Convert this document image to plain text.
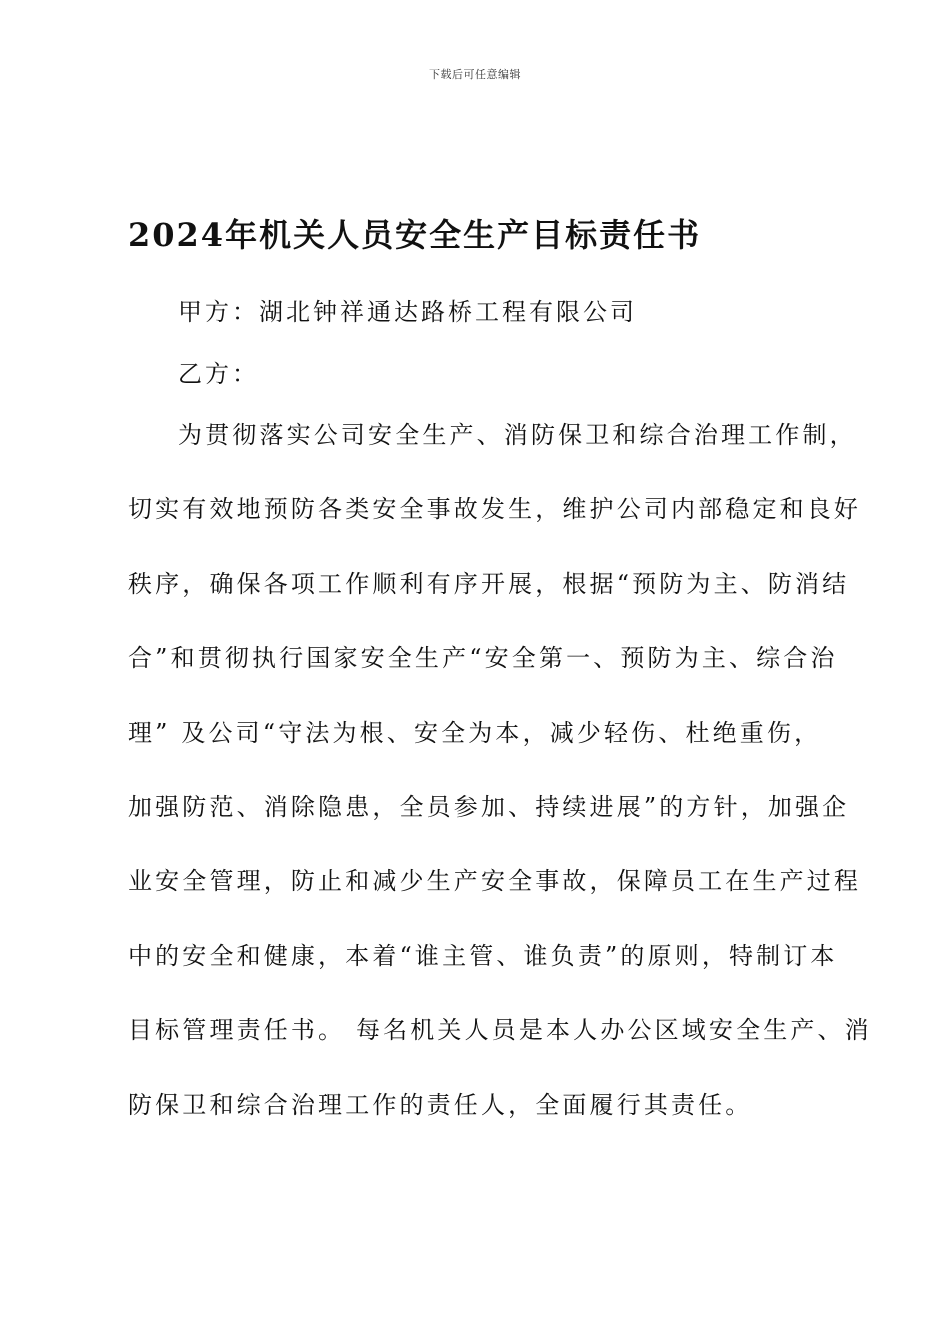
下载后可任意编辑
2024年机关人员安全生产目标责任书
甲方：湖北钟祥通达路桥工程有限公司
乙方：
为贯彻落实公司安全生产、消防保卫和综合治理工作制，
切实有效地预防各类安全事故发生，维护公司内部稳定和良好
秩序，确保各项工作顺利有序开展，根据“预防为主、防消结
合”和贯彻执行国家安全生产“安全第一、预防为主、综合治
理” 及公司“守法为根、安全为本，减少轻伤、杜绝重伤，
加强防范、消除隐患，全员参加、持续进展”的方针，加强企
业安全管理，防止和减少生产安全事故，保障员工在生产过程
中的安全和健康，本着“谁主管、谁负责”的原则，特制订本
目标管理责任书。 每名机关人员是本人办公区域安全生产、消
防保卫和综合治理工作的责任人，全面履行其责任。
